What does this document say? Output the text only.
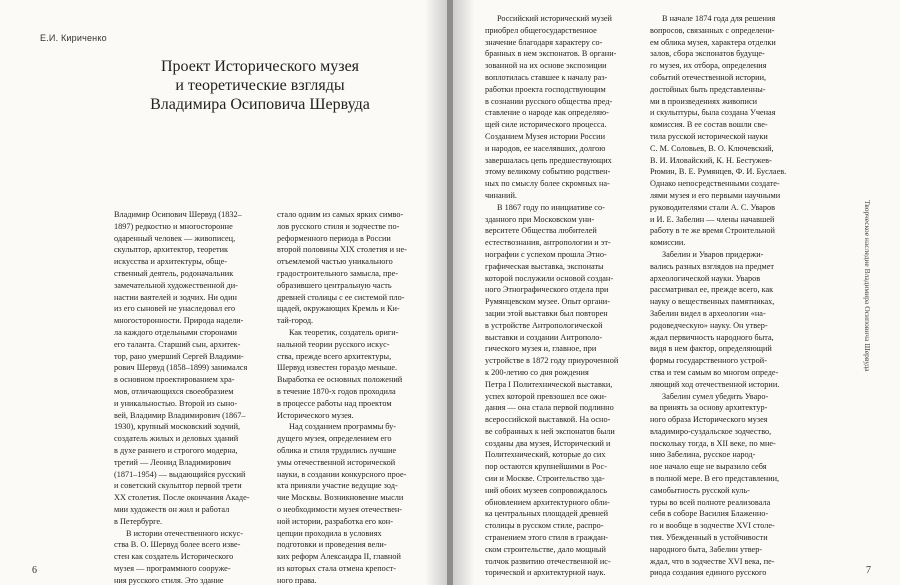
Е.И. Кириченко
Проект Исторического музея
и теоретические взгляды
Владимира Осиповича Шервуда

Владимир Осипович Шервуд (1832–
1897) редкостно и многосторонне
одаренный человек — живописец,
скульптор, архитектор, теоретик
искусства и архитектуры, обще-
ственный деятель, родоначальник
замечательной художественной ди-
настии ваятелей и зодчих. Ни один
из его сыновей не унаследовал его
многосторонности. Природа надели-
ла каждого отдельными сторонами
его таланта. Старший сын, архитек-
тор, рано умерший Сергей Владими-
рович Шервуд (1858–1899) занимался
в основном проектированием хра-
мов, отличающихся своеобразием
и уникальностью. Второй из сыно-
вей, Владимир Владимирович (1867–
1930), крупный московский зодчий,
создатель жилых и деловых зданий
в духе раннего и строгого модерна,
третий — Леонид Владимирович
(1871–1954) — выдающийся русский
и советский скульптор первой трети
XX столетия. После окончания Акаде-
мии художеств он жил и работал
в Петербурге.

В истории отечественного искус-
ства В. О. Шервуд более всего изве-
стен как создатель Исторического
музея — программного сооруже-
ния русского стиля. Это здание

стало одним из самых ярких симво-
лов русского стиля и зодчестве по-
реформенного периода в России
второй половины XIX столетия и не-
отъемлемой частью уникального
градостроительного замысла, пре-
образившего центральную часть
древней столицы с ее системой пло-
щадей, окружающих Кремль и Ки-
тай-город.

Как теоретик, создатель ориги-
нальной теории русского искус-
ства, прежде всего архитектуры,
Шервуд известен гораздо меньше.
Выработка ее основных положений
в течение 1870-х годов проходила
в процессе работы над проектом
Исторического музея.

Над созданием программы бу-
дущего музея, определением его
облика и стиля трудились лучшие
умы отечественной исторической
науки, в создании конкурсного прое-
кта приняли участие ведущие зод-
чие Москвы. Возникновение мысли
о необходимости музея отечествен-
ной истории, разработка его кон-
цепции проходила в условиях
подготовки и проведения вели-
ких реформ Александра II, главной
из которых стала отмена крепост-
ного права.

6

Российский исторический музей
приобрел общегосударственное
значение благодаря характеру со-
бранных в нем экспонатов. В органи-
зованной на их основе экспозиции
воплотилась ставшее к началу раз-
работки проекта господствующим
в сознании русского общества пред-
ставление о народе как определяю-
щей силе исторического процесса.
Созданием Музея истории России
и народов, ее населявших, долгою
завершалась цепь предшествующих
этому великому событию родствен-
ных по смыслу более скромных на-
чинаний.

В 1867 году по инициативе со-
зданного при Московском уни-
верситете Общества любителей
естествознания, антропологии и эт-
нографии с успехом прошла Этно-
графическая выставка, экспонаты
которой послужили основой создан-
ного Этнографического отдела при
Румянцевском музее. Опыт органи-
зации этой выставки был повторен
в устройстве Антропологической
выставки и создании Антрополо-
гического музея и, главное, при
устройстве в 1872 году приуроченной
к 200-летию со дня рождения
Петра I Политехнической выставки,
успех которой превзошел все ожи-
дания — она стала первой подлинно
всероссийской выставкой. На осно-
ве собранных к ней экспонатов были
созданы два музея, Исторический и
Политехнический, которые до сих
пор остаются крупнейшими в Рос-
сии и Москве. Строительство зда-
ний обоих музеев сопровождалось
обновлением архитектурного обли-
ка центральных площадей древней
столицы в русском стиле, распро-
странением этого стиля в граждан-
ском строительстве, дало мощный
толчок развитию отечественной ис-
торической и архитектурной наук.

В начале 1874 года для решения
вопросов, связанных с определени-
ем облика музея, характера отделки
залов, сбора экспонатов будуще-
го музея, их отбора, определения
событий отечественной истории,
достойных быть представленны-
ми в произведениях живописи
и скульптуры, была создана Ученая
комиссия. В ее состав вошли све-
тила русской исторической науки
С. М. Соловьев, В. О. Ключевский,
В. И. Иловайский, К. Н. Бестужев-
Рюмин, В. Е. Румянцев, Ф. И. Буслаев.
Однако непосредственными создате-
лями музея и его первыми научными
руководителями стали А. С. Уваров
и И. Е. Забелин — члены начавшей
работу в те же время Строительной
комиссии.

Забелин и Уваров придержи-
вались разных взглядов на предмет
археологической науки. Уваров
рассматривал ее, прежде всего, как
науку о вещественных памятниках,
Забелин видел в археологии «на-
родоведческую» науку. Он утвер-
ждал первичность народного быта,
видя в нем фактор, определяющий
формы государственного устрой-
ства и тем самым во многом опреде-
ляющий ход отечественной истории.

Забелин сумел убедить Уваро-
ва принять за основу архитектур-
ного образа Исторического музея
владимиро-суздальское зодчество,
поскольку тогда, в XII веке, по мне-
нию Забелина, русское народ-
ное начало еще не выразило себя
в полной мере. В его представлении,
самобытность русской куль-
туры во всей полноте реализовала
себя в соборе Василия Блаженно-
го и вообще в зодчестве XVI столе-
тия. Убежденный в устойчивости
народного быта, Забелин утвер-
ждал, что в зодчестве XVI века, пе-
риода создания единого русского

Творческое наследие Владимира Осиповича Шервуда
7
